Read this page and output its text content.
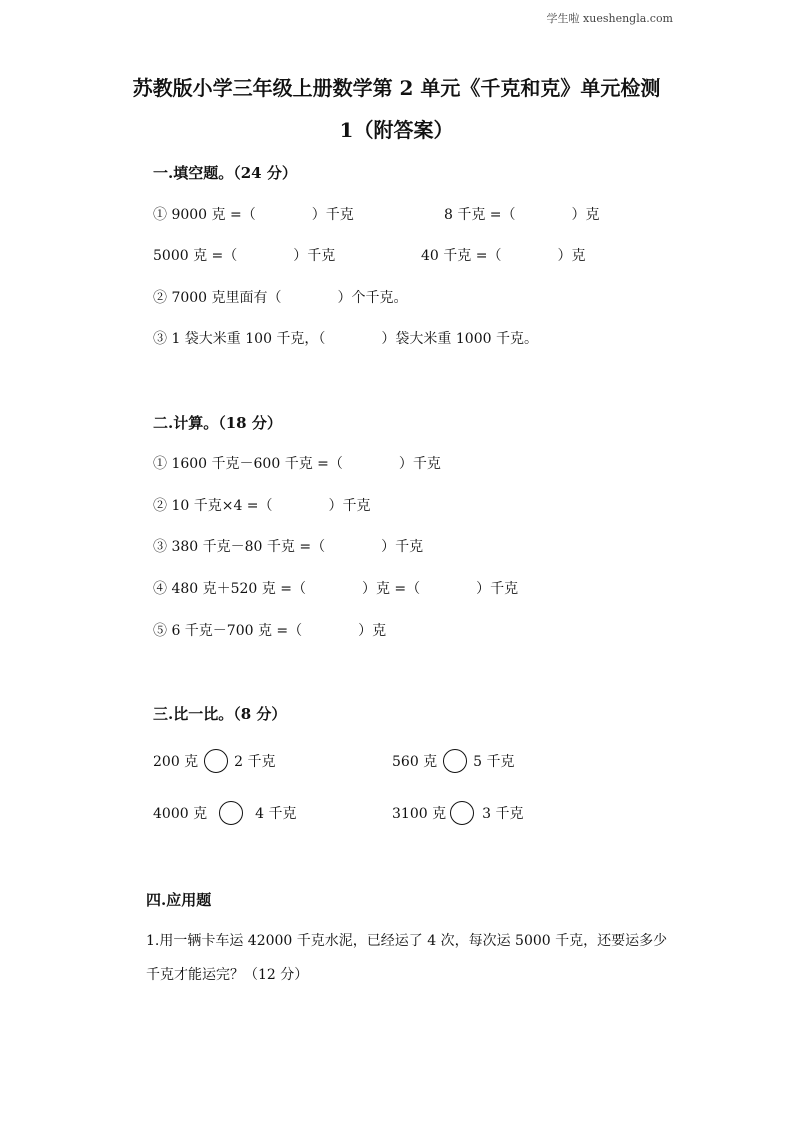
学生啦 xueshengla.com
苏教版小学三年级上册数学第 2 单元《千克和克》单元检测
1（附答案）
一.填空题。（24 分）
① 9000 克 =（　　　　）千克	8 千克 =（　　　　）克
5000 克 =（　　　　）千克	40 千克 =（　　　　）克
② 7000 克里面有（　　　　）个千克。
③ 1 袋大米重 100 千克，（　　　　）袋大米重 1000 千克。
二.计算。（18 分）
① 1600 千克－600 千克 =（　　　　）千克
② 10 千克×4 =（　　　　）千克
③ 380 千克－80 千克 =（　　　　）千克
④ 480 克＋520 克 =（　　　　）克 =（　　　　）千克
⑤ 6 千克－700 克 =（　　　　）克
三.比一比。（8 分）
200 克	2 千克	560 克	5 千克
4000 克	4 千克	3100 克	3 千克
四.应用题
1.用一辆卡车运 42000 千克水泥，已经运了 4 次，每次运 5000 千克，还要运多少千克才能运完？（12 分）
